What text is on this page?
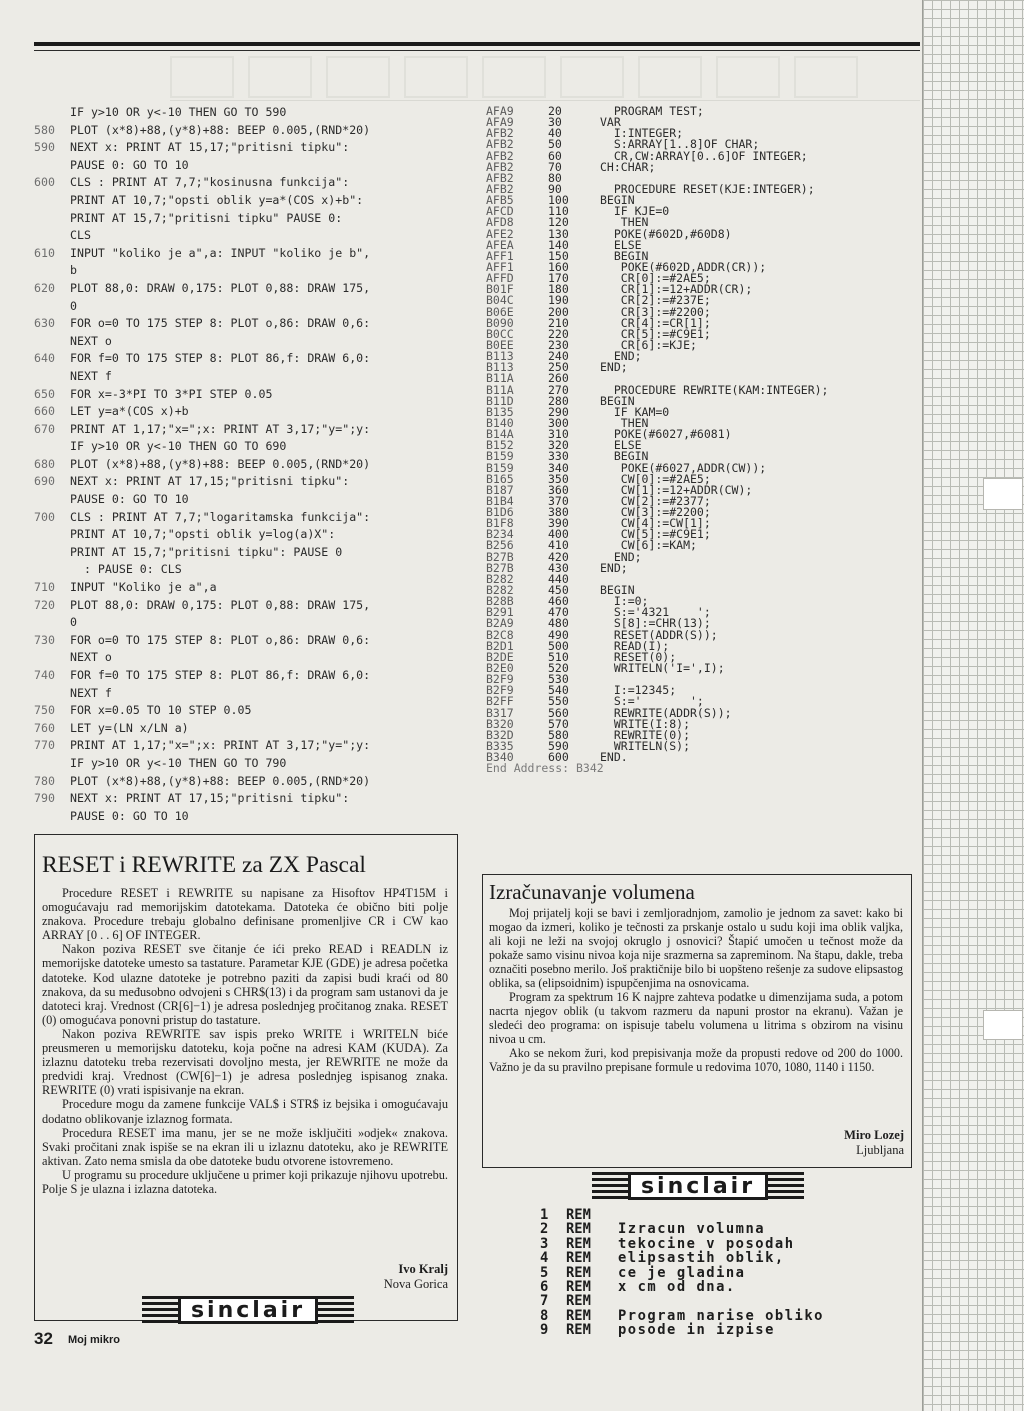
IF y>10 OR y<-10 THEN GO TO 590
580	PLOT (x*8)+88,(y*8)+88: BEEP 0.005,(RND*20)
590	NEXT x: PRINT AT 15,17;"pritisni tipku":
PAUSE 0: GO TO 10
600	CLS : PRINT AT 7,7;"kosinusna funkcija":
PRINT AT 10,7;"opsti oblik y=a*(COS x)+b":
PRINT AT 15,7;"pritisni tipku" PAUSE 0:
CLS
610	INPUT "koliko je a",a: INPUT "koliko je b",
b
620	PLOT 88,0: DRAW 0,175: PLOT 0,88: DRAW 175,
0
630	FOR o=0 TO 175 STEP 8: PLOT o,86: DRAW 0,6:
NEXT o
640	FOR f=0 TO 175 STEP 8: PLOT 86,f: DRAW 6,0:
NEXT f
650	FOR x=-3*PI TO 3*PI STEP 0.05
660	LET y=a*(COS x)+b
670	PRINT AT 1,17;"x=";x: PRINT AT 3,17;"y=";y:
IF y>10 OR y<-10 THEN GO TO 690
680	PLOT (x*8)+88,(y*8)+88: BEEP 0.005,(RND*20)
690	NEXT x: PRINT AT 17,15;"pritisni tipku":
PAUSE 0: GO TO 10
700	CLS : PRINT AT 7,7;"logaritamska funkcija":
PRINT AT 10,7;"opsti oblik y=log(a)X":
PRINT AT 15,7;"pritisni tipku": PAUSE 0
: PAUSE 0: CLS
710	INPUT "Koliko je a",a
720	PLOT 88,0: DRAW 0,175: PLOT 0,88: DRAW 175,
0
730	FOR o=0 TO 175 STEP 8: PLOT o,86: DRAW 0,6:
NEXT o
740	FOR f=0 TO 175 STEP 8: PLOT 86,f: DRAW 6,0:
NEXT f
750	FOR x=0.05 TO 10 STEP 0.05
760	LET y=(LN x/LN a)
770	PRINT AT 1,17;"x=";x: PRINT AT 3,17;"y=";y:
IF y>10 OR y<-10 THEN GO TO 790
780	PLOT (x*8)+88,(y*8)+88: BEEP 0.005,(RND*20)
790	NEXT x: PRINT AT 17,15;"pritisni tipku":
PAUSE 0: GO TO 10
AFA9	20	PROGRAM TEST;
AFA9	30	VAR
AFB2	40	I:INTEGER;
AFB2	50	S:ARRAY[1..8]OF CHAR;
AFB2	60	CR,CW:ARRAY[0..6]OF INTEGER;
AFB2	70	CH:CHAR;
AFB2	80
AFB2	90	PROCEDURE RESET(KJE:INTEGER);
AFB5	100	BEGIN
AFCD	110	IF KJE=0
AFD8	120	THEN
AFE2	130	POKE(#602D,#60D8)
AFEA	140	ELSE
AFF1	150	BEGIN
AFF1	160	POKE(#602D,ADDR(CR));
AFFD	170	CR[0]:=#2AE5;
B01F	180	CR[1]:=12+ADDR(CR);
B04C	190	CR[2]:=#237E;
B06E	200	CR[3]:=#2200;
B090	210	CR[4]:=CR[1];
B0CC	220	CR[5]:=#C9E1;
B0EE	230	CR[6]:=KJE;
B113	240	END;
B113	250	END;
B11A	260
B11A	270	PROCEDURE REWRITE(KAM:INTEGER);
B11D	280	BEGIN
B135	290	IF KAM=0
B140	300	THEN
B14A	310	POKE(#6027,#6081)
B152	320	ELSE
B159	330	BEGIN
B159	340	POKE(#6027,ADDR(CW));
B165	350	CW[0]:=#2AE5;
B187	360	CW[1]:=12+ADDR(CW);
B1B4	370	CW[2]:=#2377;
B1D6	380	CW[3]:=#2200;
B1F8	390	CW[4]:=CW[1];
B234	400	CW[5]:=#C9E1;
B256	410	CW[6]:=KAM;
B27B	420	END;
B27B	430	END;
B282	440
B282	450	BEGIN
B28B	460	I:=0;
B291	470	S:='4321    ';
B2A9	480	S[8]:=CHR(13);
B2C8	490	RESET(ADDR(S));
B2D1	500	READ(I);
B2DE	510	RESET(0);
B2E0	520	WRITELN('I=',I);
B2F9	530
B2F9	540	I:=12345;
B2FF	550	S:='       ';
B317	560	REWRITE(ADDR(S));
B320	570	WRITE(I:8);
B32D	580	REWRITE(0);
B335	590	WRITELN(S);
B340	600	END.
End Address: B342
RESET i REWRITE za ZX Pascal

Procedure RESET i REWRITE su napisane za Hisoftov HP4T15M i omogućavaju rad memorijskim datotekama. Datoteka će obično biti polje znakova. Procedure trebaju globalno definisane promenljive CR i CW kao ARRAY [0 . . 6] OF INTEGER.

Nakon poziva RESET sve čitanje će ići preko READ i READLN iz memorijske datoteke umesto sa tastature. Parametar KJE (GDE) je adresa početka datoteke. Kod ulazne datoteke je potrebno paziti da zapisi budi kraći od 80 znakova, da su međusobno odvojeni s CHR$(13) i da program sam ustanovi da je datoteci kraj. Vrednost (CR[6]−1) je adresa poslednjeg pročitanog znaka. RESET (0) omogućava ponovni pristup do tastature.

Nakon poziva REWRITE sav ispis preko WRITE i WRITELN biće preusmeren u memorijsku datoteku, koja počne na adresi KAM (KUDA). Za izlaznu datoteku treba rezervisati dovoljno mesta, jer REWRITE ne može da predvidi kraj. Vrednost (CW[6]−1) je adresa poslednjeg ispisanog znaka. REWRITE (0) vrati ispisivanje na ekran.

Procedure mogu da zamene funkcije VAL$ i STR$ iz bejsika i omogućavaju dodatno oblikovanje izlaznog formata.

Procedura RESET ima manu, jer se ne može isključiti »odjek« znakova. Svaki pročitani znak ispiše se na ekran ili u izlaznu datoteku, ako je REWRITE aktivan. Zato nema smisla da obe datoteke budu otvorene istovremeno.

U programu su procedure uključene u primer koji prikazuje njihovu upotrebu. Polje S je ulazna i izlazna datoteka.

Ivo Kralj
Nova Gorica
sinclair
Izračunavanje volumena

Moj prijatelj koji se bavi i zemljoradnjom, zamolio je jednom za savet: kako bi mogao da izmeri, koliko je tečnosti za prskanje ostalo u sudu koji ima oblik valjka, ali koji ne leži na svojoj okruglo j osnovici? Štapić umočen u tečnost može da pokaže samo visinu nivoa koja nije srazmerna sa zapreminom. Na štapu, dakle, treba označiti posebno merilo. Još praktičnije bilo bi uopšteno rešenje za sudove elipsastog oblika, sa (elipsoidnim) ispupčenjima na osnovicama.

Program za spektrum 16 K najpre zahteva podatke u dimenzijama suda, a potom nacrta njegov oblik (u takvom razmeru da napuni prostor na ekranu). Važan je sledeći deo programa: on ispisuje tabelu volumena u litrima s obzirom na visinu nivoa u cm.

Ako se nekom žuri, kod prepisivanja može da propusti redove od 200 do 1000. Važno je da su pravilno prepisane formule u redovima 1070, 1080, 1140 i 1150.

Miro Lozej
Ljubljana
sinclair
1	REM
2	REM	Izracun volumna
3	REM	tekocine v posodah
4	REM	elipsastih oblik,
5	REM	ce je gladina
6	REM	x cm od dna.
7	REM
8	REM	Program narise obliko
9	REM	posode in izpise
32 Moj mikro
